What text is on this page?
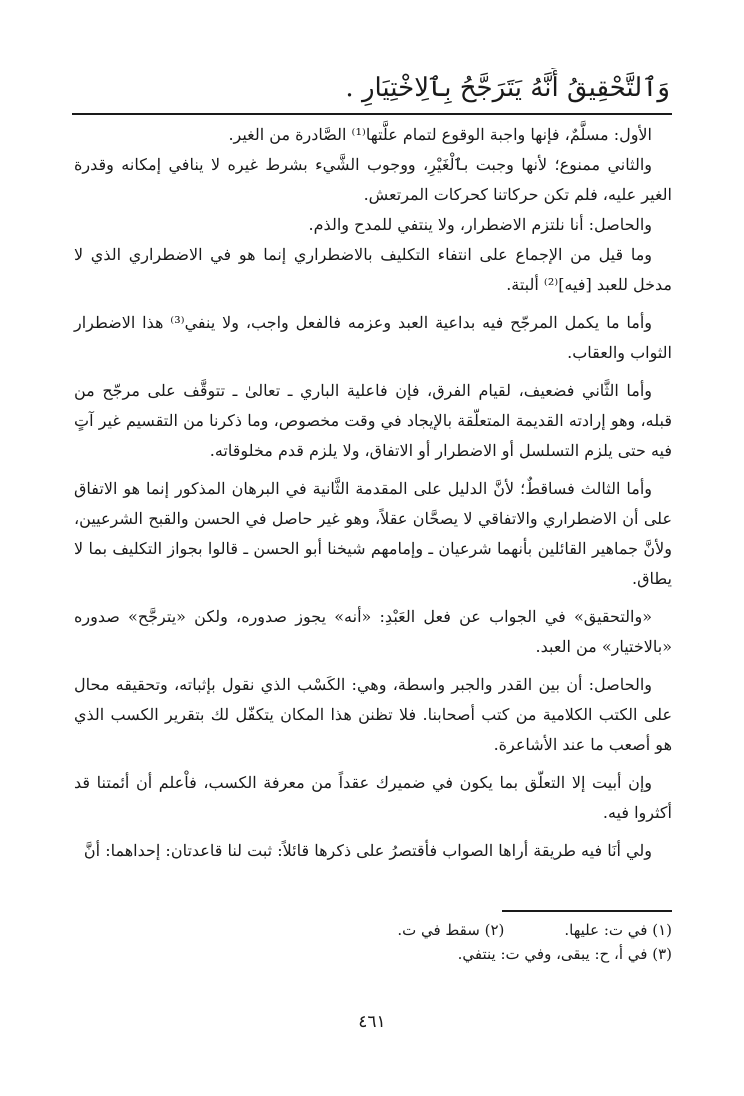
وَٱلتَّحْقِيقُ أَنَّهُ يَتَرَجَّحُ بِٱلِاخْتِيَارِ .

الأول: مسلَّمٌ، فإنها واجبة الوقوع لتمام علَّتها⁽¹⁾ الصَّادرة من الغير.

والثاني ممنوع؛ لأنها وجبت بٱلْغَيْرِ، ووجوب الشَّيء بشرط غيره لا ينافي إمكانه وقدرة الغير عليه، فلم تكن حركاتنا كحركات المرتعش.

والحاصل: أنا نلتزم الاضطرار، ولا ينتفي للمدح والذم.

وما قيل من الإجماع على انتفاء التكليف بالاضطراري إنما هو في الاضطراري الذي لا مدخل للعبد [فيه]⁽²⁾ ألبتة.

وأما ما يكمل المرجّح فيه بداعية العبد وعزمه فالفعل واجب، ولا ينفي⁽³⁾ هذا الاضطرار الثواب والعقاب.

وأما الثَّاني فضعيف، لقيام الفرق، فإن فاعلية الباري ـ تعالىٰ ـ تتوقَّف على مرجّح من قبله، وهو إرادته القديمة المتعلّقة بالإيجاد في وقت مخصوص، وما ذكرنا من التقسيم غير آتٍ فيه حتى يلزم التسلسل أو الاضطرار أو الاتفاق، ولا يلزم قدم مخلوقاته.

وأما الثالث فساقطٌ؛ لأنَّ الدليل على المقدمة الثَّانية في البرهان المذكور إنما هو الاتفاق على أن الاضطراري والاتفاقي لا يصحَّان عقلاً، وهو غير حاصل في الحسن والقبح الشرعيين، ولأنَّ جماهير القائلين بأنهما شرعيان ـ وإمامهم شيخنا أبو الحسن ـ قالوا بجواز التكليف بما لا يطاق.

«والتحقيق» في الجواب عن فعل العَبْدِ: «أنه» يجوز صدوره، ولكن «يترجَّح» صدوره «بالاختيار» من العبد.

والحاصل: أن بين القدر والجبر واسطة، وهي: الكَسْب الذي نقول بإثباته، وتحقيقه محال على الكتب الكلامية من كتب أصحابنا. فلا تظنن هذا المكان يتكفّل لك بتقرير الكسب الذي هو أصعب ما عند الأشاعرة.

وإن أبيت إلا التعلّق بما يكون في ضميرك عقداً من معرفة الكسب، فاْعلم أن أئمتنا قد أكثروا فيه.

ولي أنَا فيه طريقة أراها الصواب فأقتصرُ على ذكرها قائلاً: ثبت لنا قاعدتان: إحداهما: أنَّ

(١) في ت: عليها.
(٢) سقط في ت.
(٣) في أ، ح: يبقى، وفي ت: ينتفي.
٤٦١
